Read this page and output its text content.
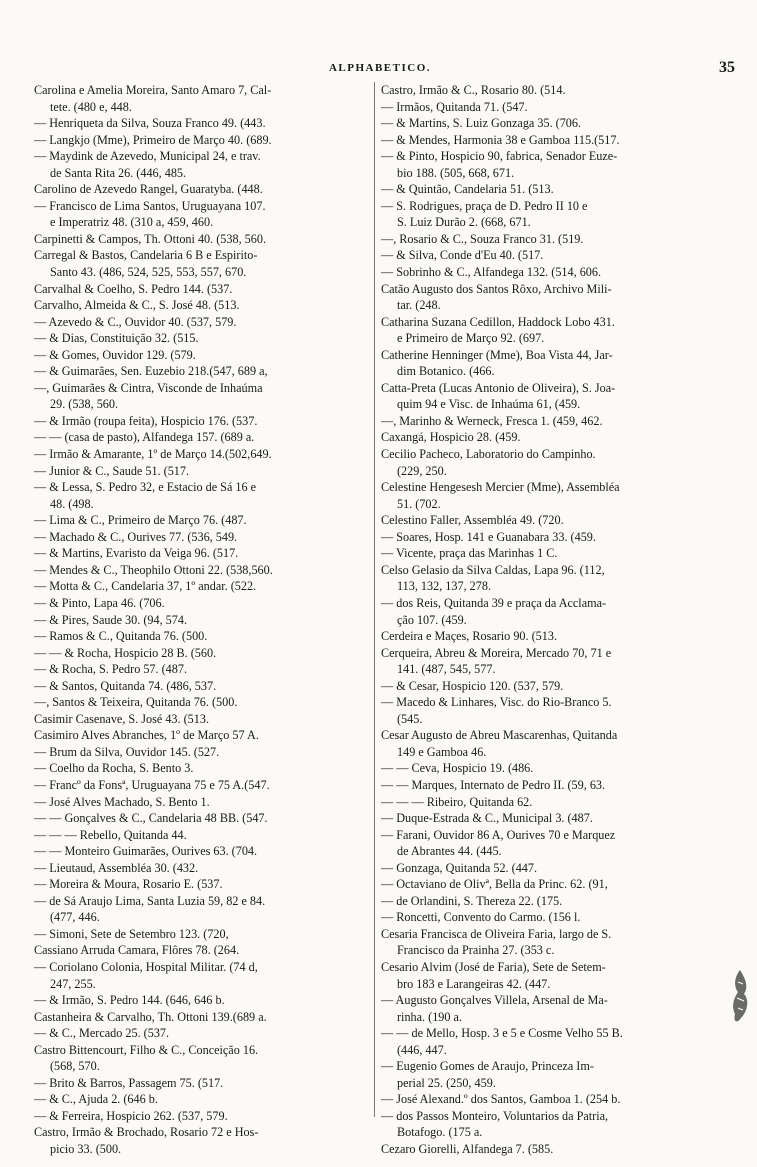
ALPHABETICO.	35
Carolina e Amelia Moreira, Santo Amaro 7, Cal-
tete. (480 e, 448.
— Henriqueta da Silva, Souza Franco 49. (443.
— Langkjo (Mme), Primeiro de Março 40. (689.
— Maydink de Azevedo, Municipal 24, e trav.
de Santa Rita 26. (446, 485.
Carolino de Azevedo Rangel, Guaratyba. (448.
— Francisco de Lima Santos, Uruguayana 107.
e Imperatriz 48. (310 a, 459, 460.
Carpinetti & Campos, Th. Ottoni 40. (538, 560.
Carregal & Bastos, Candelaria 6 B e Espirito-
Santo 43. (486, 524, 525, 553, 557, 670.
Carvalhal & Coelho, S. Pedro 144. (537.
Carvalho, Almeida & C., S. José 48. (513.
— Azevedo & C., Ouvidor 40. (537, 579.
— & Dias, Constituição 32. (515.
— & Gomes, Ouvidor 129. (579.
— & Guimarães, Sen. Euzebio 218.(547, 689 a,
—, Guimarães & Cintra, Visconde de Inhaúma
29. (538, 560.
— & Irmão (roupa feita), Hospicio 176. (537.
— — (casa de pasto), Alfandega 157. (689 a.
— Irmão & Amarante, 1º de Março 14.(502,649.
— Junior & C., Saude 51. (517.
— & Lessa, S. Pedro 32, e Estacio de Sá 16 e
48. (498.
— Lima & C., Primeiro de Março 76. (487.
— Machado & C., Ourives 77. (536, 549.
— & Martins, Evaristo da Veiga 96. (517.
— Mendes & C., Theophilo Ottoni 22. (538,560.
— Motta & C., Candelaria 37, 1º andar. (522.
— & Pinto, Lapa 46. (706.
— & Pires, Saude 30. (94, 574.
— Ramos & C., Quitanda 76. (500.
— — & Rocha, Hospicio 28 B. (560.
— & Rocha, S. Pedro 57. (487.
— & Santos, Quitanda 74. (486, 537.
—, Santos & Teixeira, Quitanda 76. (500.
Casimir Casenave, S. José 43. (513.
Casimiro Alves Abranches, 1º de Março 57 A.
— Brum da Silva, Ouvidor 145. (527.
— Coelho da Rocha, S. Bento 3.
— Francº da Fonsª, Uruguayana 75 e 75 A.(547.
— José Alves Machado, S. Bento 1.
— — Gonçalves & C., Candelaria 48 BB. (547.
— — — Rebello, Quitanda 44.
— — Monteiro Guimarães, Ourives 63. (704.
— Lieutaud, Assembléa 30. (432.
— Moreira & Moura, Rosario E. (537.
— de Sá Araujo Lima, Santa Luzia 59, 82 e 84.
(477, 446.
— Simoni, Sete de Setembro 123. (720,
Cassiano Arruda Camara, Flôres 78. (264.
— Coriolano Colonia, Hospital Militar. (74 d,
247, 255.
— & Irmão, S. Pedro 144. (646, 646 b.
Castanheira & Carvalho, Th. Ottoni 139.(689 a.
— & C., Mercado 25. (537.
Castro Bittencourt, Filho & C., Conceição 16.
(568, 570.
— Brito & Barros, Passagem 75. (517.
— & C., Ajuda 2. (646 b.
— & Ferreira, Hospicio 262. (537, 579.
Castro, Irmão & Brochado, Rosario 72 e Hos-
picio 33. (500.
Castro, Irmão & C., Rosario 80. (514.
— Irmãos, Quitanda 71. (547.
— & Martins, S. Luiz Gonzaga 35. (706.
— & Mendes, Harmonia 38 e Gamboa 115.(517.
— & Pinto, Hospicio 90, fabrica, Senador Euze-
bio 188. (505, 668, 671.
— & Quintão, Candelaria 51. (513.
— S. Rodrigues, praça de D. Pedro II 10 e
S. Luiz Durão 2. (668, 671.
—, Rosario & C., Souza Franco 31. (519.
— & Silva, Conde d'Eu 40. (517.
— Sobrinho & C., Alfandega 132. (514, 606.
Catão Augusto dos Santos Rôxo, Archivo Mili-
tar. (248.
Catharina Suzana Cedillon, Haddock Lobo 431.
e Primeiro de Março 92. (697.
Catherine Henninger (Mme), Boa Vista 44, Jar-
dim Botanico. (466.
Catta-Preta (Lucas Antonio de Oliveira), S. Joa-
quim 94 e Visc. de Inhaúma 61, (459.
—, Marinho & Werneck, Fresca 1. (459, 462.
Caxangá, Hospicio 28. (459.
Cecilio Pacheco, Laboratorio do Campinho.
(229, 250.
Celestine Hengesesh Mercier (Mme), Assembléa
51. (702.
Celestino Faller, Assembléa 49. (720.
— Soares, Hosp. 141 e Guanabara 33. (459.
— Vicente, praça das Marinhas 1 C.
Celso Gelasio da Silva Caldas, Lapa 96. (112,
113, 132, 137, 278.
— dos Reis, Quitanda 39 e praça da Acclama-
ção 107. (459.
Cerdeira e Maçes, Rosario 90. (513.
Cerqueira, Abreu & Moreira, Mercado 70, 71 e
141. (487, 545, 577.
— & Cesar, Hospicio 120. (537, 579.
— Macedo & Linhares, Visc. do Rio-Branco 5.
(545.
Cesar Augusto de Abreu Mascarenhas, Quitanda
149 e Gamboa 46.
— — Ceva, Hospicio 19. (486.
— — Marques, Internato de Pedro II. (59, 63.
— — — Ribeiro, Quitanda 62.
— Duque-Estrada & C., Municipal 3. (487.
— Farani, Ouvidor 86 A, Ourives 70 e Marquez
de Abrantes 44. (445.
— Gonzaga, Quitanda 52. (447.
— Octaviano de Olivª, Bella da Princ. 62. (91,
— de Orlandini, S. Thereza 22. (175.
— Roncetti, Convento do Carmo. (156 l.
Cesaria Francisca de Oliveira Faria, largo de S.
Francisco da Prainha 27. (353 c.
Cesario Alvim (José de Faria), Sete de Setem-
bro 183 e Larangeiras 42. (447.
— Augusto Gonçalves Villela, Arsenal de Ma-
rinha. (190 a.
— — de Mello, Hosp. 3 e 5 e Cosme Velho 55 B.
(446, 447.
— Eugenio Gomes de Araujo, Princeza Im-
perial 25. (250, 459.
— José Alexand.º dos Santos, Gamboa 1. (254 b.
— dos Passos Monteiro, Voluntarios da Patria,
Botafogo. (175 a.
Cezaro Giorelli, Alfandega 7. (585.
